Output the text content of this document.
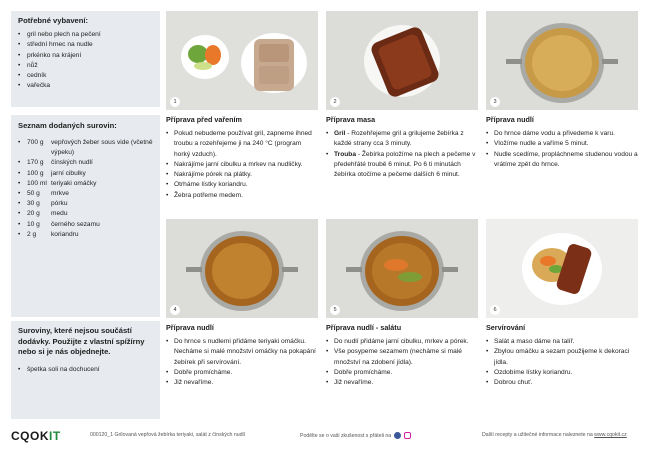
Potřebné vybavení:
• gril nebo plech na pečení
• střední hrnec na nudle
• prkénko na krájení
• nůž
• cedník
• vařečka
Seznam dodaných surovin:
• 700 g	vepřových žeber sous vide (včetně výpeku)
• 170 g	čínských nudlí
• 100 g	jarní cibulky
• 100 ml teriyaki omáčky
• 50 g	mrkve
• 30 g	pórku
• 20 g	medu
• 10 g	černého sezamu
• 2 g	koriandru
Suroviny, které nejsou součástí dodávky. Použijte z vlastní spížírny nebo si je nás objednejte.
• špetka soli na dochucení
1	2	3
4	5	6
Příprava před vařením
• Pokud nebudeme používat gril, zapneme ihned troubu a rozehřejeme ji na 240 °C (program horký vzduch).
• Nakrájíme jarní cibulku a mrkev na nudličky.
• Nakrájíme pórek na plátky.
• Otrháme lístky koriandru.
• Žebra potřeme medem.
Příprava masa
• Gril - Rozehřejeme gril a grilujeme žebírka z každé strany cca 3 minuty.
• Trouba - Žebírka položíme na plech a pečeme v předehřáté troubě 6 minut. Po 6 ti minutách žebírka otočíme a pečeme dalších 6 minut.
Příprava nudlí
• Do hrnce dáme vodu a přivedeme k varu.
• Vložíme nudle a vaříme 5 minut.
• Nudle scedíme, propláchneme studenou vodou a vrátíme zpět do hrnce.
Příprava nudlí
• Do hrnce s nudlemi přidáme teriyaki omáčku. Necháme si malé množství omáčky na pokapání žebírek při servírování.
• Dobře promícháme.
• Již nevaříme.
Příprava nudlí - salátu
• Do nudlí přidáme jarní cibulku, mrkev a pórek.
• Vše posypeme sezamem (necháme si malé množství na zdobení jídla).
• Dobře promícháme.
• Již nevaříme.
Servírování
• Salát a maso dáme na talíř.
• Zbylou omáčku a sezam použijeme k dekoraci jídla.
• Ozdobíme lístky koriandru.
• Dobrou chuť.
CQOKIT	000120_1 Grilovaná vepřová žebírka teriyaki, salát z čínských nudlí	Podělte se o vaši zkušenost s přáteli na	Další recepty a užitečné informace naleznete na www.cqokit.cz
